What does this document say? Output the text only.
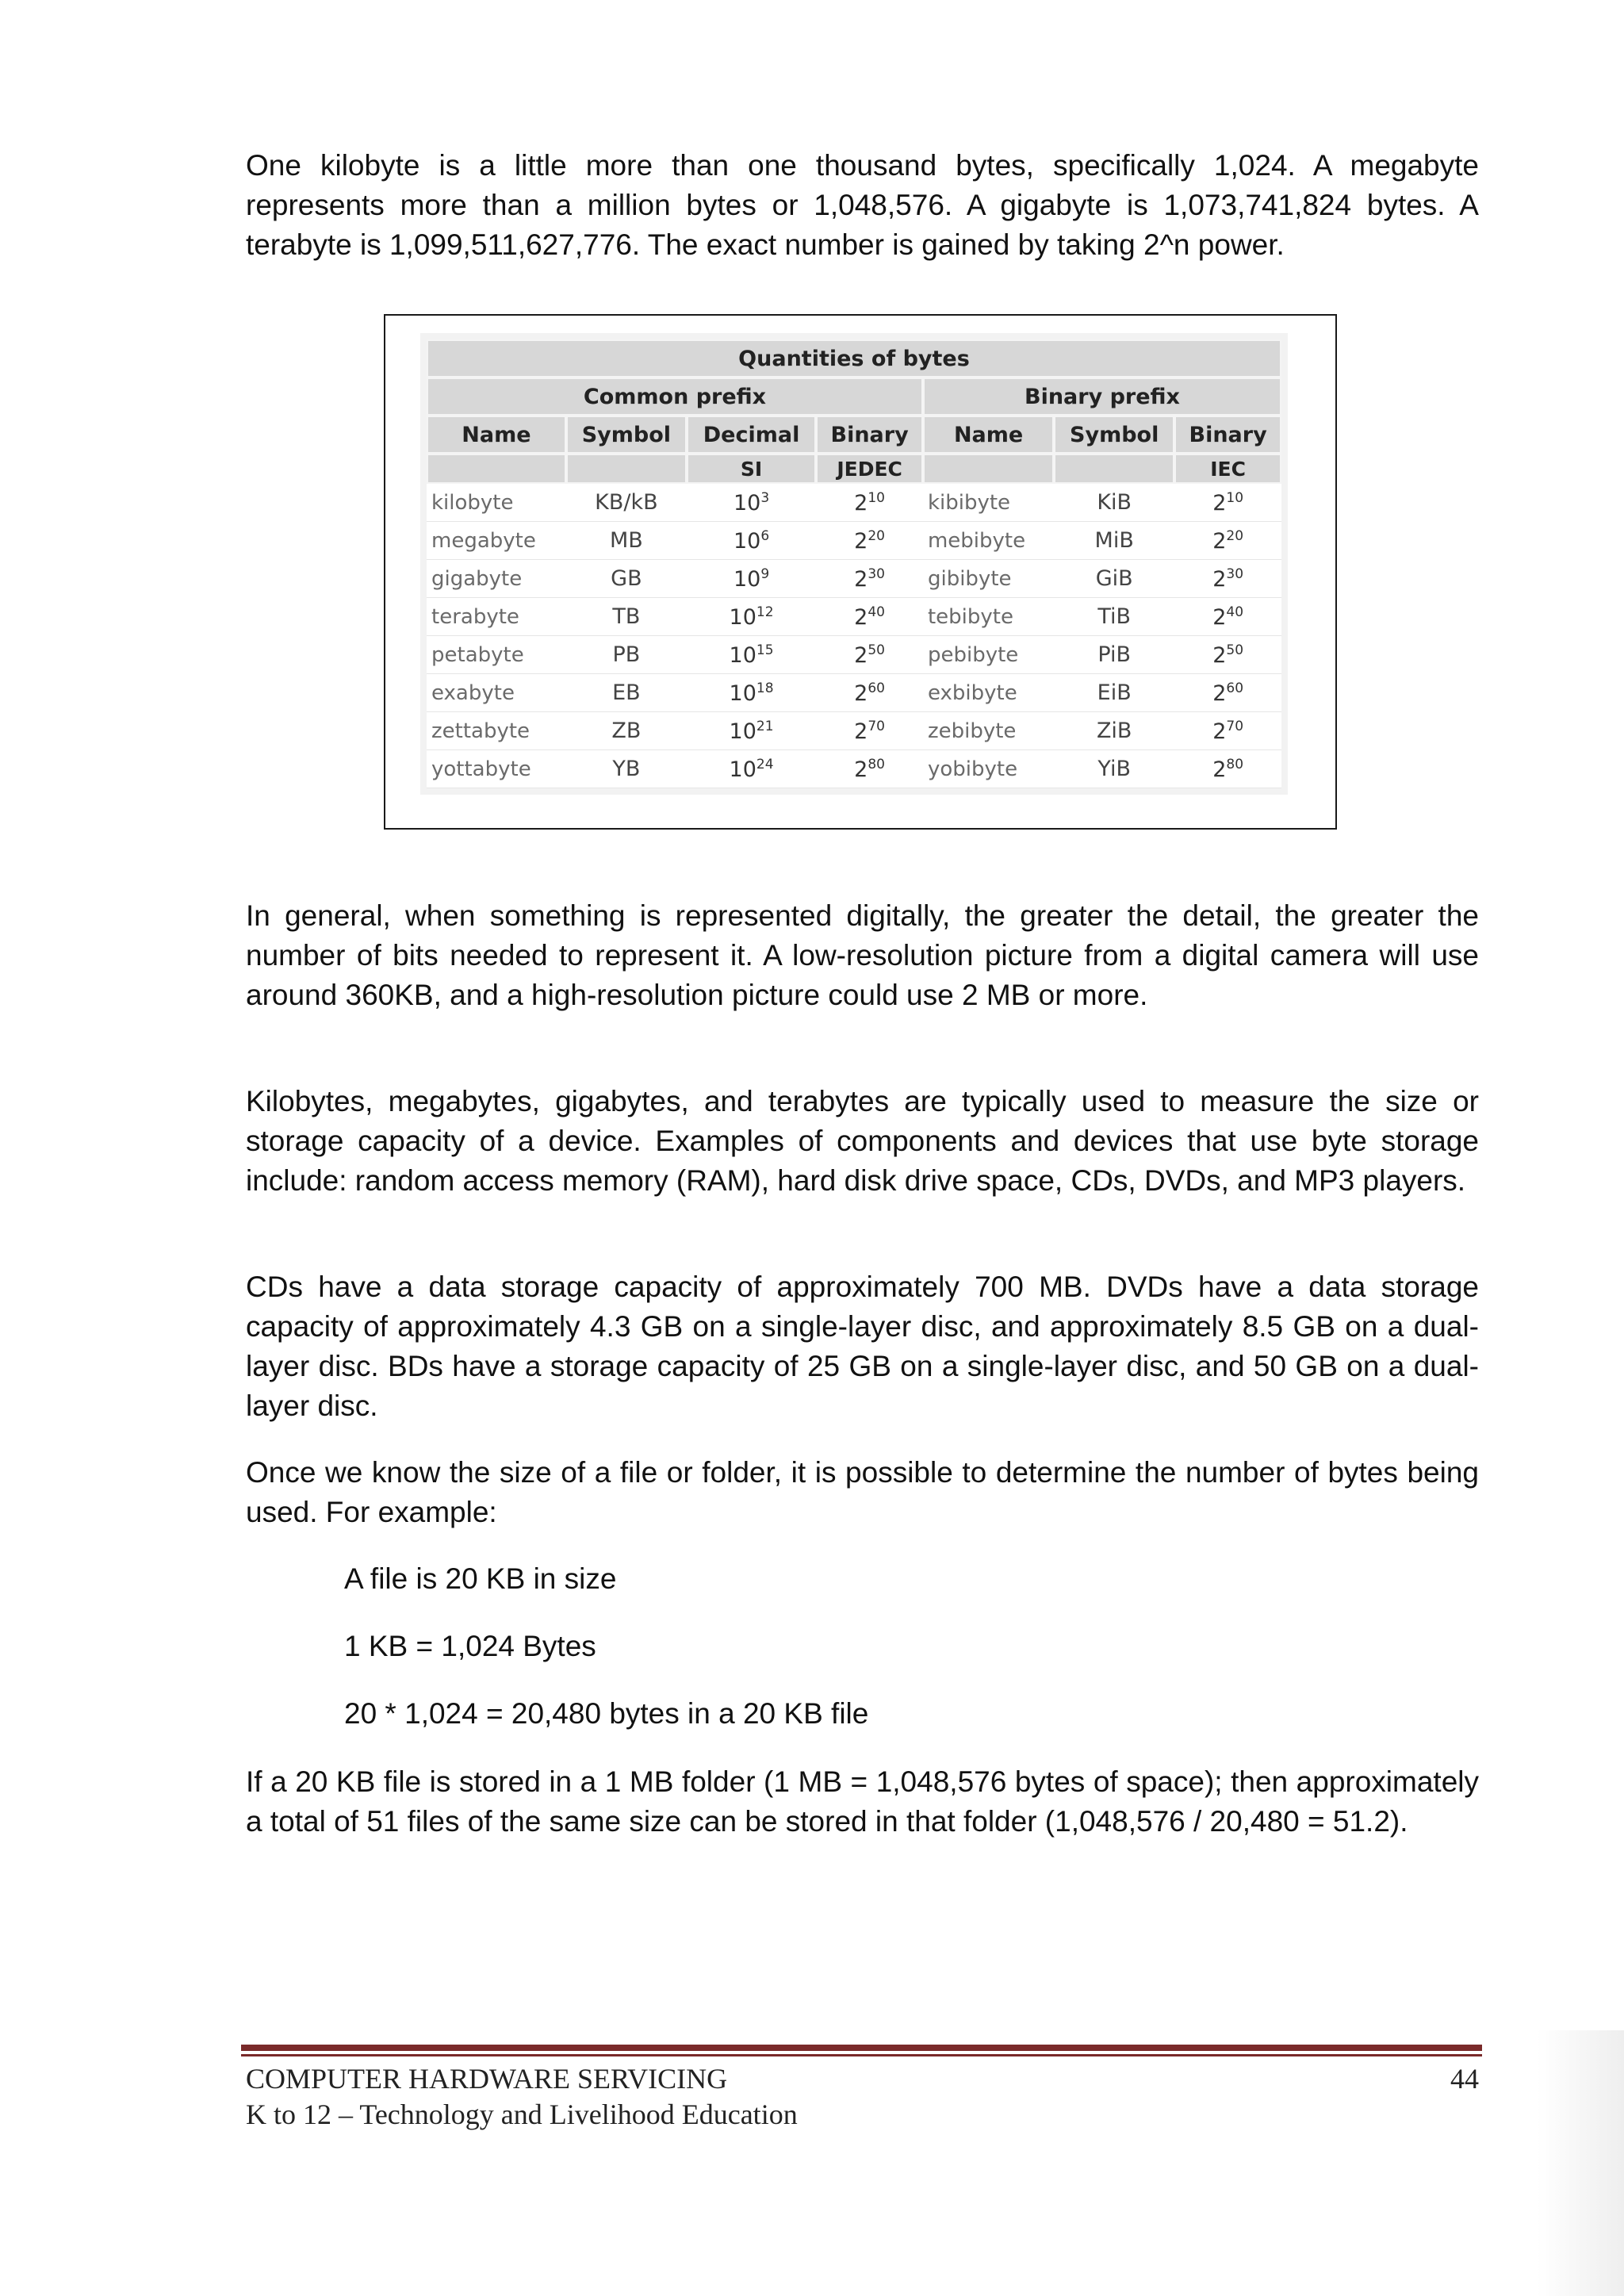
One kilobyte is a little more than one thousand bytes, specifically 1,024. A megabyte represents more than a million bytes or 1,048,576. A gigabyte is 1,073,741,824 bytes. A terabyte is 1,099,511,627,776. The exact number is gained by taking 2^n power.

Quantities of bytes						
Common prefix				Binary prefix		
Name	Symbol	Decimal	Binary	Name	Symbol	Binary
		SI	JEDEC			IEC
kilobyte	KB/kB	$10^3$	$2^{10}$	kibibyte	KiB	$2^{10}$
megabyte	MB	$10^6$	$2^{20}$	mebibyte	MiB	$2^{20}$
gigabyte	GB	$10^9$	$2^{30}$	gibibyte	GiB	$2^{30}$
terabyte	TB	$10^{12}$	$2^{40}$	tebibyte	TiB	$2^{40}$
petabyte	PB	$10^{15}$	$2^{50}$	pebibyte	PiB	$2^{50}$
exabyte	EB	$10^{18}$	$2^{60}$	exbibyte	EiB	$2^{60}$
zettabyte	ZB	$10^{21}$	$2^{70}$	zebibyte	ZiB	$2^{70}$
yottabyte	YB	$10^{24}$	$2^{80}$	yobibyte	YiB	$2^{80}$

In general, when something is represented digitally, the greater the detail, the greater the number of bits needed to represent it. A low-resolution picture from a digital camera will use around 360KB, and a high-resolution picture could use 2 MB or more.

Kilobytes, megabytes, gigabytes, and terabytes are typically used to measure the size or storage capacity of a device. Examples of components and devices that use byte storage include: random access memory (RAM), hard disk drive space, CDs, DVDs, and MP3 players.

CDs have a data storage capacity of approximately 700 MB. DVDs have a data storage capacity of approximately 4.3 GB on a single-layer disc, and approximately 8.5 GB on a dual-layer disc. BDs have a storage capacity of 25 GB on a single-layer disc, and 50 GB on a dual-layer disc.

Once we know the size of a file or folder, it is possible to determine the number of bytes being used. For example:

A file is 20 KB in size

1 KB = 1,024 Bytes

20 * 1,024 = 20,480 bytes in a 20 KB file

If a 20 KB file is stored in a 1 MB folder (1 MB = 1,048,576 bytes of space); then approximately a total of 51 files of the same size can be stored in that folder (1,048,576 / 20,480 = 51.2).

COMPUTER HARDWARE SERVICING
K to 12 – Technology and Livelihood Education
44
